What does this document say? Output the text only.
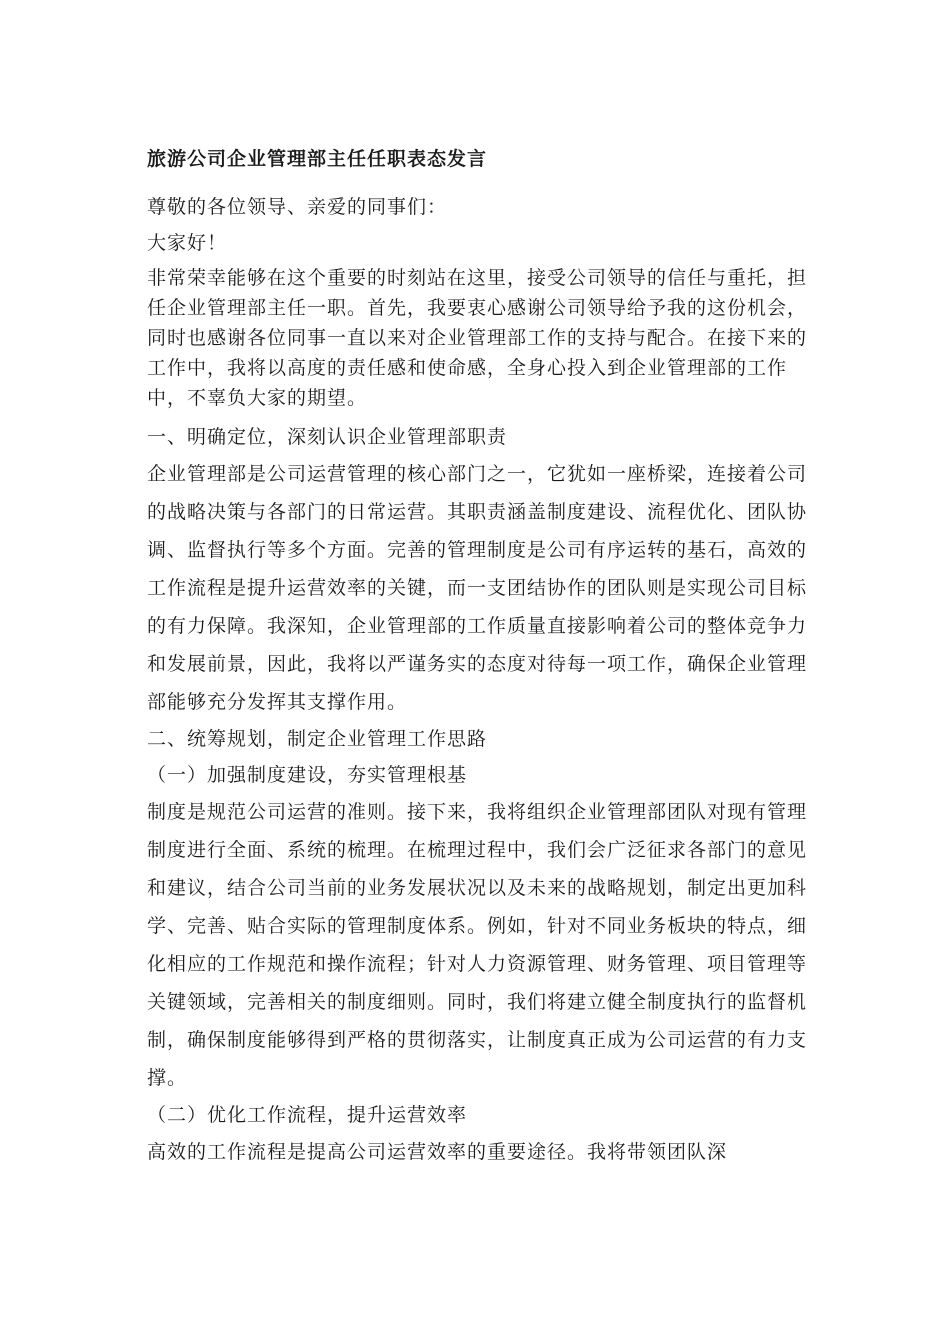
旅游公司企业管理部主任任职表态发言

尊敬的各位领导、亲爱的同事们：

大家好！

非常荣幸能够在这个重要的时刻站在这里，接受公司领导的信任与重托，担任企业管理部主任一职。首先，我要衷心感谢公司领导给予我的这份机会，同时也感谢各位同事一直以来对企业管理部工作的支持与配合。在接下来的工作中，我将以高度的责任感和使命感，全身心投入到企业管理部的工作中，不辜负大家的期望。

一、明确定位，深刻认识企业管理部职责

企业管理部是公司运营管理的核心部门之一，它犹如一座桥梁，连接着公司的战略决策与各部门的日常运营。其职责涵盖制度建设、流程优化、团队协调、监督执行等多个方面。完善的管理制度是公司有序运转的基石，高效的工作流程是提升运营效率的关键，而一支团结协作的团队则是实现公司目标的有力保障。我深知，企业管理部的工作质量直接影响着公司的整体竞争力和发展前景，因此，我将以严谨务实的态度对待每一项工作，确保企业管理部能够充分发挥其支撑作用。

二、统筹规划，制定企业管理工作思路

（一）加强制度建设，夯实管理根基

制度是规范公司运营的准则。接下来，我将组织企业管理部团队对现有管理制度进行全面、系统的梳理。在梳理过程中，我们会广泛征求各部门的意见和建议，结合公司当前的业务发展状况以及未来的战略规划，制定出更加科学、完善、贴合实际的管理制度体系。例如，针对不同业务板块的特点，细化相应的工作规范和操作流程；针对人力资源管理、财务管理、项目管理等关键领域，完善相关的制度细则。同时，我们将建立健全制度执行的监督机制，确保制度能够得到严格的贯彻落实，让制度真正成为公司运营的有力支撑。

（二）优化工作流程，提升运营效率

高效的工作流程是提高公司运营效率的重要途径。我将带领团队深
